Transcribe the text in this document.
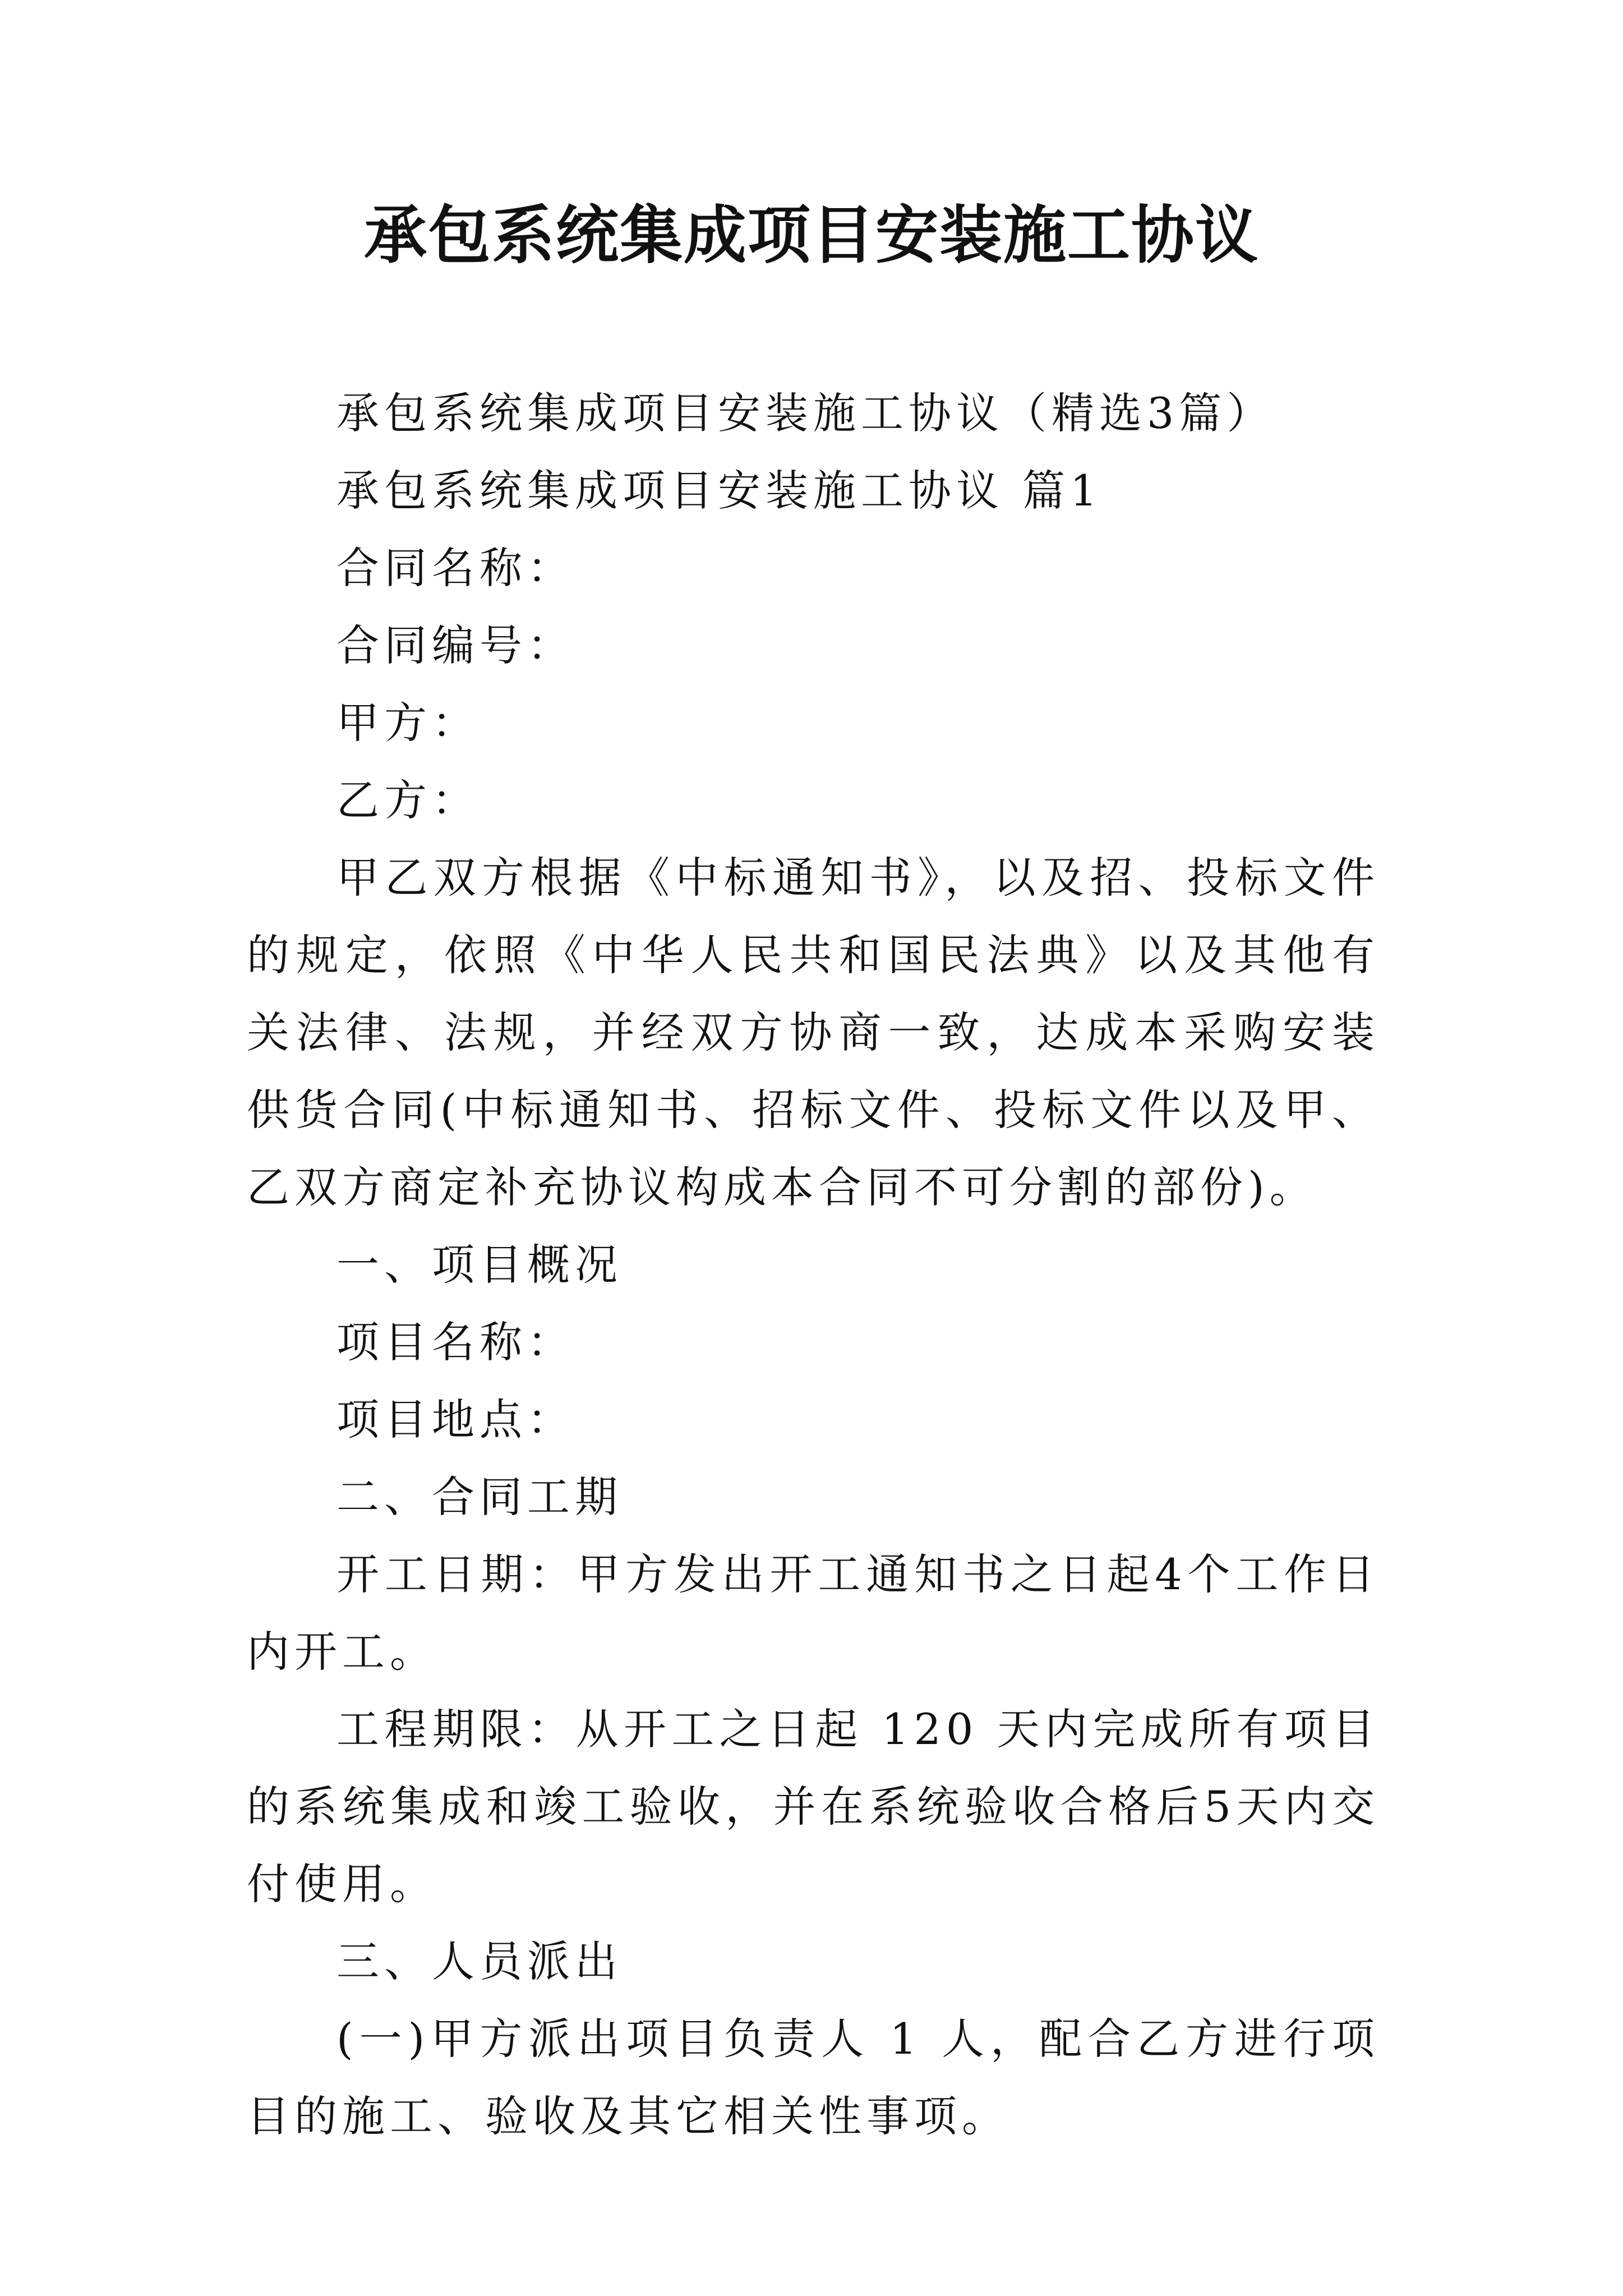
承包系统集成项目安装施工协议

承包系统集成项目安装施工协议（精选3篇）

承包系统集成项目安装施工协议 篇1

合同名称：

合同编号：

甲方：

乙方：

甲乙双方根据《中标通知书》，以及招、投标文件的规定，依照《中华人民共和国民法典》以及其他有关法律、法规，并经双方协商一致，达成本采购安装供货合同(中标通知书、招标文件、投标文件以及甲、乙双方商定补充协议构成本合同不可分割的部份)。

一、项目概况

项目名称：

项目地点：

二、合同工期

开工日期：甲方发出开工通知书之日起4个工作日内开工。

工程期限：从开工之日起 120 天内完成所有项目的系统集成和竣工验收，并在系统验收合格后5天内交付使用。

三、人员派出

(一)甲方派出项目负责人 1 人，配合乙方进行项目的施工、验收及其它相关性事项。
